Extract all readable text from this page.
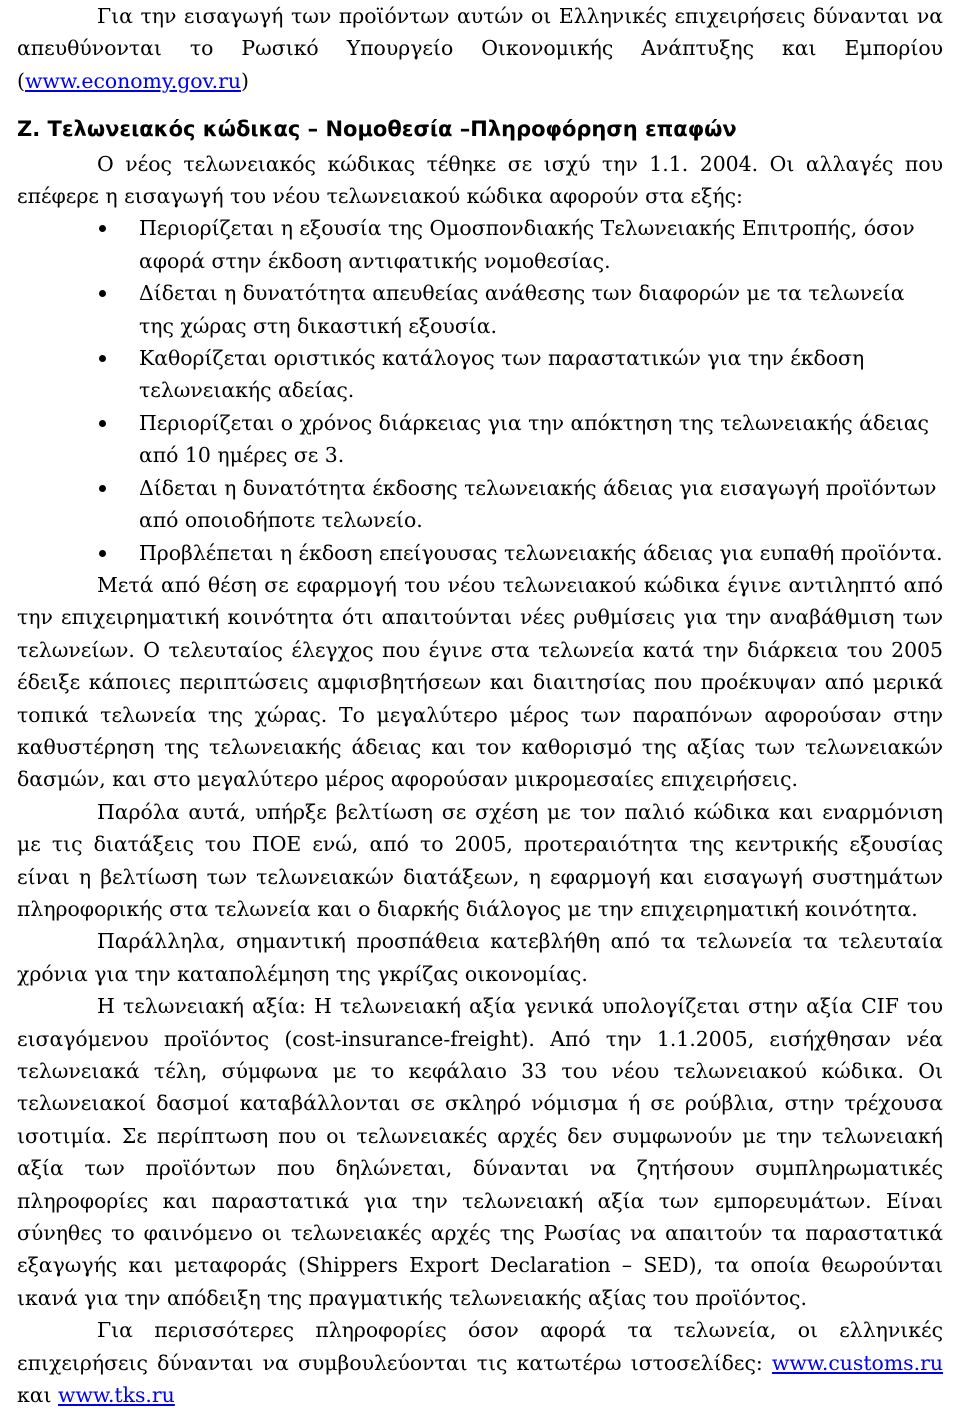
Για την εισαγωγή των προϊόντων αυτών οι Ελληνικές επιχειρήσεις δύνανται να απευθύνονται το Ρωσικό Υπουργείο Οικονομικής Ανάπτυξης και Εμπορίου (www.economy.gov.ru)

Ζ. Τελωνειακός κώδικας – Νομοθεσία –Πληροφόρηση επαφών

Ο νέος τελωνειακός κώδικας τέθηκε σε ισχύ την 1.1. 2004. Οι αλλαγές που επέφερε η εισαγωγή του νέου τελωνειακού κώδικα αφορούν στα εξής:

Περιορίζεται η εξουσία της Ομοσπονδιακής Τελωνειακής Επιτροπής, όσον αφορά στην έκδοση αντιφατικής νομοθεσίας.
Δίδεται η δυνατότητα απευθείας ανάθεσης των διαφορών με τα τελωνεία της χώρας στη δικαστική εξουσία.
Καθορίζεται οριστικός κατάλογος των παραστατικών για την έκδοση τελωνειακής αδείας.
Περιορίζεται ο χρόνος διάρκειας για την απόκτηση της τελωνειακής άδειας από 10 ημέρες σε 3.
Δίδεται η δυνατότητα έκδοσης τελωνειακής άδειας για εισαγωγή προϊόντων από οποιοδήποτε τελωνείο.
Προβλέπεται η έκδοση επείγουσας τελωνειακής άδειας για ευπαθή προϊόντα.

Μετά από θέση σε εφαρμογή του νέου τελωνειακού κώδικα έγινε αντιληπτό από την επιχειρηματική κοινότητα ότι απαιτούνται νέες ρυθμίσεις για την αναβάθμιση των τελωνείων. Ο τελευταίος έλεγχος που έγινε στα τελωνεία κατά την διάρκεια του 2005 έδειξε κάποιες περιπτώσεις αμφισβητήσεων και διαιτησίας που προέκυψαν από μερικά τοπικά τελωνεία της χώρας. Το μεγαλύτερο μέρος των παραπόνων αφορούσαν στην καθυστέρηση της τελωνειακής άδειας και τον καθορισμό της αξίας των τελωνειακών δασμών, και στο μεγαλύτερο μέρος αφορούσαν μικρομεσαίες επιχειρήσεις.

Παρόλα αυτά, υπήρξε βελτίωση σε σχέση με τον παλιό κώδικα και εναρμόνιση με τις διατάξεις του ΠΟΕ ενώ, από το 2005, προτεραιότητα της κεντρικής εξουσίας είναι η βελτίωση των τελωνειακών διατάξεων, η εφαρμογή και εισαγωγή συστημάτων πληροφορικής στα τελωνεία και ο διαρκής διάλογος με την επιχειρηματική κοινότητα.

Παράλληλα, σημαντική προσπάθεια κατεβλήθη από τα τελωνεία τα τελευταία χρόνια για την καταπολέμηση της γκρίζας οικονομίας.

Η τελωνειακή αξία: Η τελωνειακή αξία γενικά υπολογίζεται στην αξία CIF του εισαγόμενου προϊόντος (cost-insurance-freight). Από την 1.1.2005, εισήχθησαν νέα τελωνειακά τέλη, σύμφωνα με το κεφάλαιο 33 του νέου τελωνειακού κώδικα. Οι τελωνειακοί δασμοί καταβάλλονται σε σκληρό νόμισμα ή σε ρούβλια, στην τρέχουσα ισοτιμία. Σε περίπτωση που οι τελωνειακές αρχές δεν συμφωνούν με την τελωνειακή αξία των προϊόντων που δηλώνεται, δύνανται να ζητήσουν συμπληρωματικές πληροφορίες και παραστατικά για την τελωνειακή αξία των εμπορευμάτων. Είναι σύνηθες το φαινόμενο οι τελωνειακές αρχές της Ρωσίας να απαιτούν τα παραστατικά εξαγωγής και μεταφοράς (Shippers Export Declaration – SED), τα οποία θεωρούνται ικανά για την απόδειξη της πραγματικής τελωνειακής αξίας του προϊόντος.

Για περισσότερες πληροφορίες όσον αφορά τα τελωνεία, οι ελληνικές επιχειρήσεις δύνανται να συμβουλεύονται τις κατωτέρω ιστοσελίδες: www.customs.ru και www.tks.ru
